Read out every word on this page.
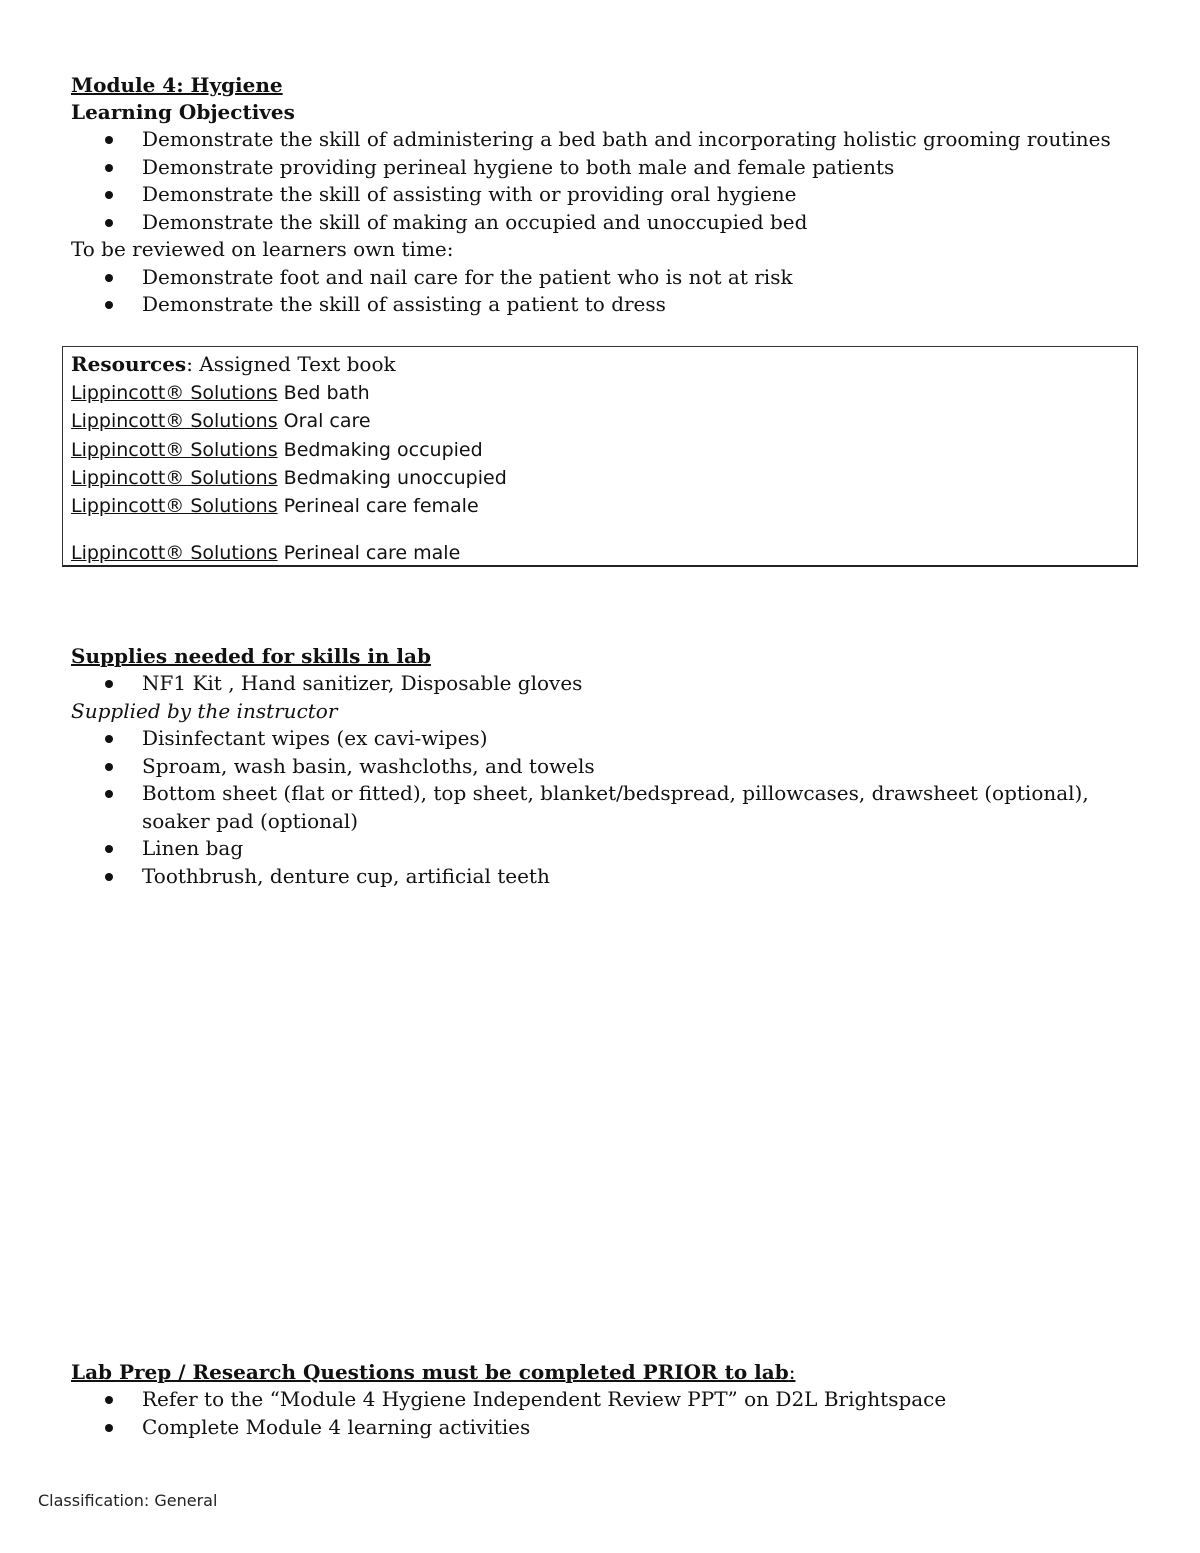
Module 4: Hygiene
Learning Objectives
Demonstrate the skill of administering a bed bath and incorporating holistic grooming routines
Demonstrate providing perineal hygiene to both male and female patients
Demonstrate the skill of assisting with or providing oral hygiene
Demonstrate the skill of making an occupied and unoccupied bed
To be reviewed on learners own time:
Demonstrate foot and nail care for the patient who is not at risk
Demonstrate the skill of assisting a patient to dress
Resources: Assigned Text book
Lippincott® Solutions Bed bath
Lippincott® Solutions Oral care
Lippincott® Solutions Bedmaking occupied
Lippincott® Solutions Bedmaking unoccupied
Lippincott® Solutions Perineal care female
Lippincott® Solutions Perineal care male
Supplies needed for skills in lab
NF1 Kit , Hand sanitizer, Disposable gloves
Supplied by the instructor
Disinfectant wipes (ex cavi-wipes)
Sproam, wash basin, washcloths, and towels
Bottom sheet (flat or fitted), top sheet, blanket/bedspread, pillowcases, drawsheet (optional), soaker pad (optional)
Linen bag
Toothbrush, denture cup, artificial teeth
Lab Prep / Research Questions must be completed PRIOR to lab:
Refer to the “Module 4 Hygiene Independent Review PPT” on D2L Brightspace
Complete Module 4 learning activities
Classification: General
